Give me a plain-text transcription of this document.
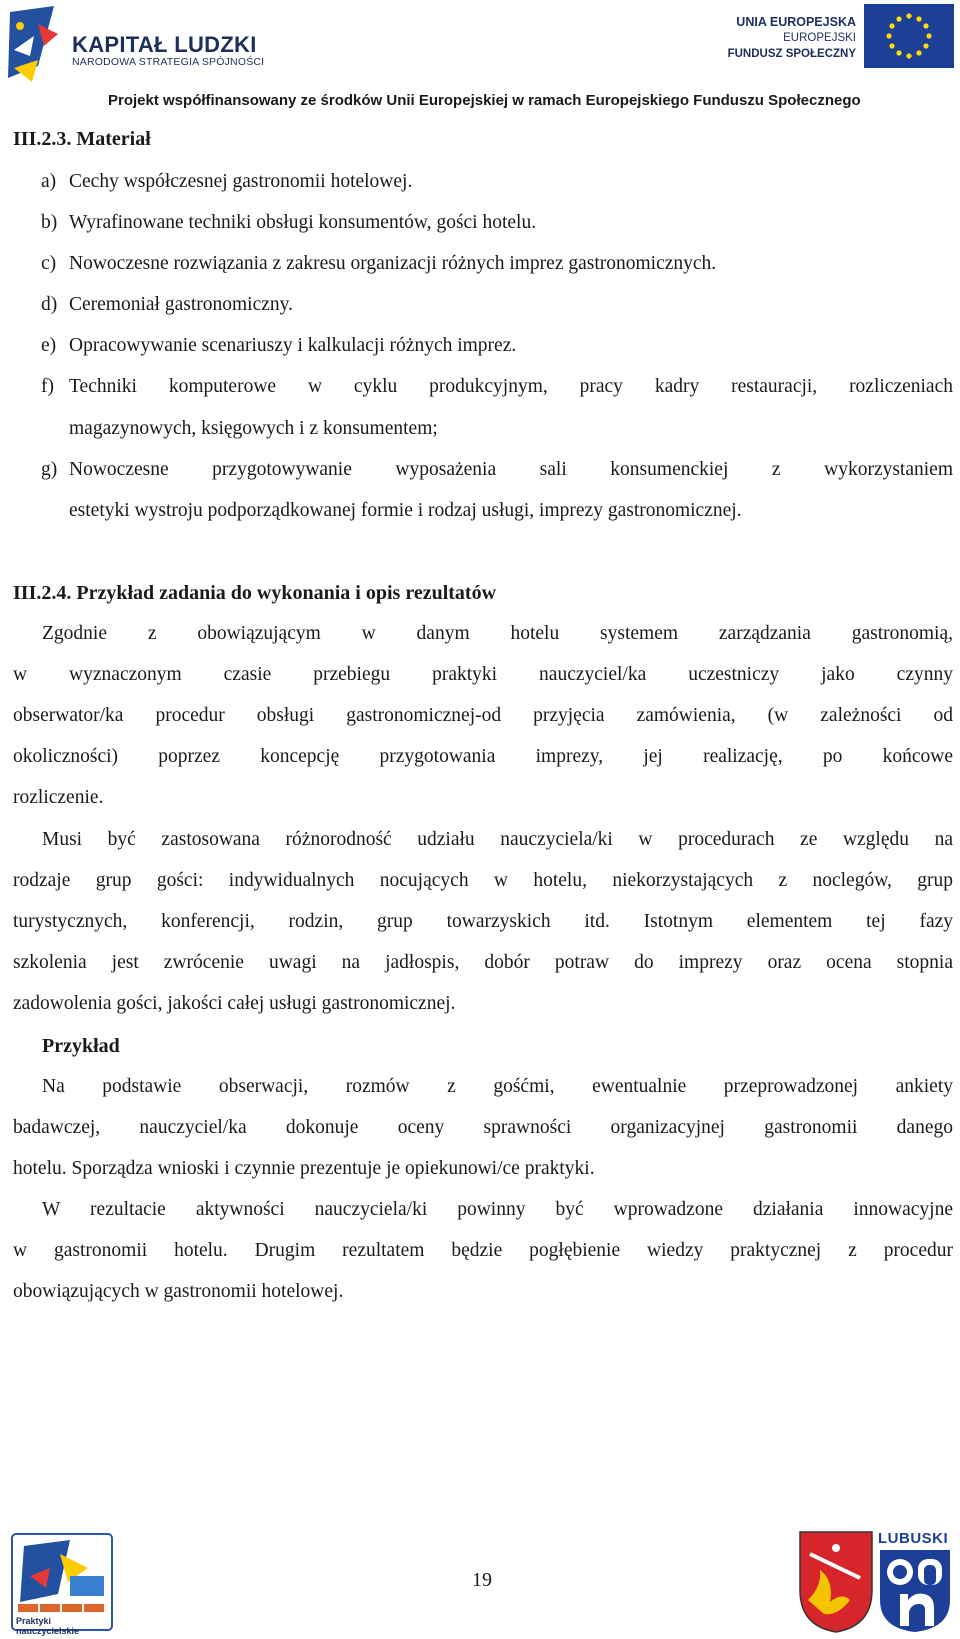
KAPITAŁ LUDZKI
NARODOWA STRATEGIA SPÓJNOŚCI
UNIA EUROPEJSKA
EUROPEJSKI
FUNDUSZ SPOŁECZNY
Projekt współfinansowany ze środków Unii Europejskiej w ramach Europejskiego Funduszu Społecznego
III.2.3. Materiał
a) Cechy współczesnej gastronomii hotelowej.
b) Wyrafinowane techniki obsługi konsumentów, gości hotelu.
c) Nowoczesne rozwiązania z zakresu organizacji różnych imprez gastronomicznych.
d) Ceremoniał gastronomiczny.
e) Opracowywanie scenariuszy i kalkulacji różnych imprez.
f) Techniki komputerowe w cyklu produkcyjnym, pracy kadry restauracji, rozliczeniach
magazynowych, księgowych i z konsumentem;
g) Nowoczesne przygotowywanie wyposażenia sali konsumenckiej z wykorzystaniem
estetyki wystroju podporządkowanej formie i rodzaj usługi, imprezy gastronomicznej.
III.2.4. Przykład zadania do wykonania i opis rezultatów
Zgodnie z obowiązującym w danym hotelu systemem zarządzania gastronomią,
w wyznaczonym czasie przebiegu praktyki nauczyciel/ka uczestniczy jako czynny
obserwator/ka procedur obsługi gastronomicznej-od przyjęcia zamówienia, (w zależności od
okoliczności) poprzez koncepcję przygotowania imprezy, jej realizację, po końcowe
rozliczenie.
Musi być zastosowana różnorodność udziału nauczyciela/ki w procedurach ze względu na
rodzaje grup gości: indywidualnych nocujących w hotelu, niekorzystających z noclegów, grup
turystycznych, konferencji, rodzin, grup towarzyskich itd. Istotnym elementem tej fazy
szkolenia jest zwrócenie uwagi na jadłospis, dobór potraw do imprezy oraz ocena stopnia
zadowolenia gości, jakości całej usługi gastronomicznej.
Przykład
Na podstawie obserwacji, rozmów z gośćmi, ewentualnie przeprowadzonej ankiety
badawczej, nauczyciel/ka dokonuje oceny sprawności organizacyjnej gastronomii danego
hotelu. Sporządza wnioski i czynnie prezentuje je opiekunowi/ce praktyki.
W rezultacie aktywności nauczyciela/ki powinny być wprowadzone działania innowacyjne
w gastronomii hotelu. Drugim rezultatem będzie pogłębienie wiedzy praktycznej z procedur
obowiązujących w gastronomii hotelowej.
Praktyki nauczycielskie
19
LUBUSKI
